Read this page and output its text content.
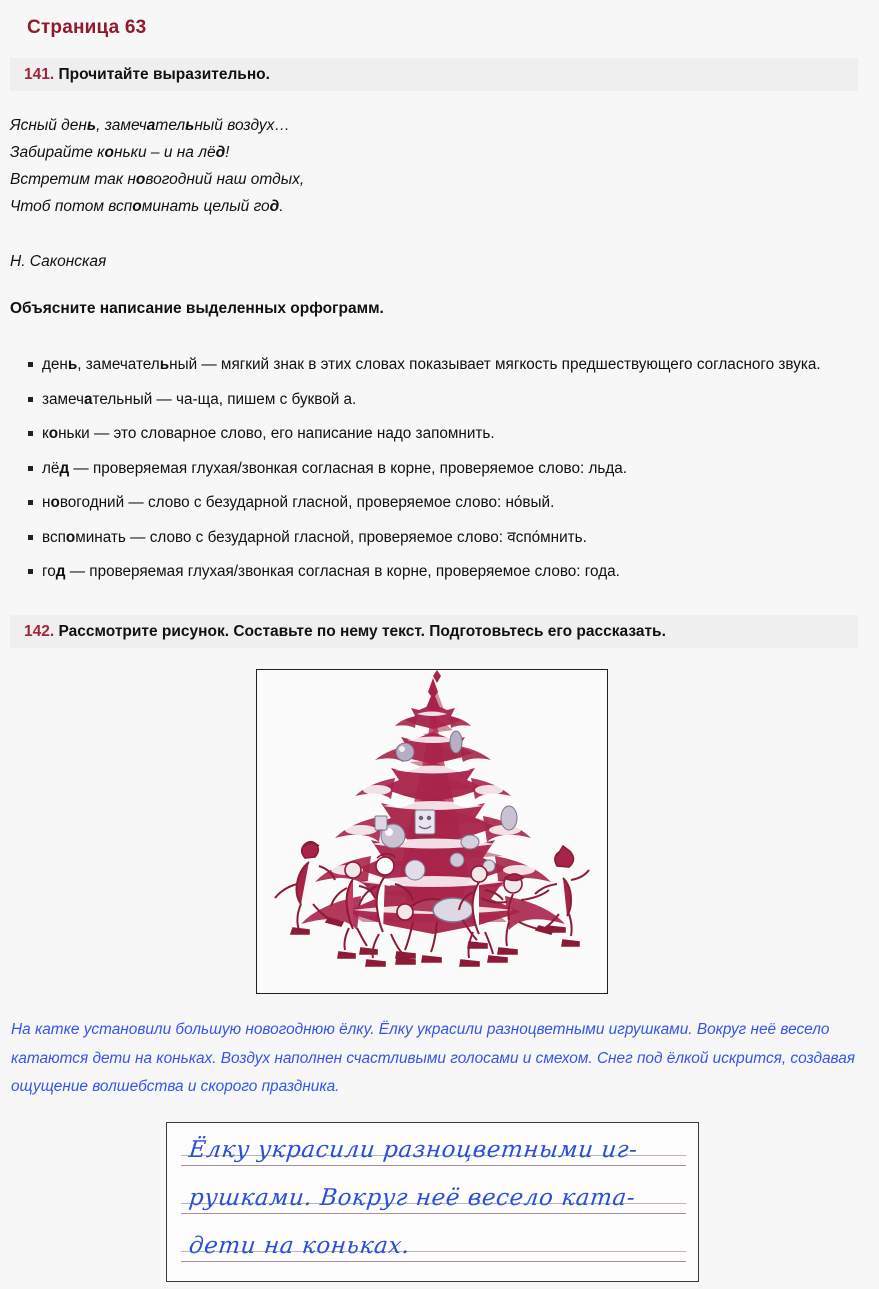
Страница 63
141. Прочитайте выразительно.
Ясный день, замечательный воздух…
Забирайте коньки – и на лёд!
Встретим так новогодний наш отдых,
Чтоб потом вспоминать целый год.
Н. Саконская
Объясните написание выделенных орфограмм.
день, замечательный — мягкий знак в этих словах показывает мягкость предшествующего согласного звука.
замечательный — ча-ща, пишем с буквой а.
коньки — это словарное слово, его написание надо запомнить.
лёд — проверяемая глухая/звонкая согласная в корне, проверяемое слово: льда.
новогодний — слово с безударной гласной, проверяемое слово: но́вый.
вспоминать — слово с безударной гласной, проверяемое слово: वспо́мнить.
год — проверяемая глухая/звонкая согласная в корне, проверяемое слово: года.
142. Рассмотрите рисунок. Составьте по нему текст. Подготовьтесь его рассказать.
На катке установили большую новогоднюю ёлку. Ёлку украсили разноцветными игрушками. Вокруг неё весело катаются дети на коньках. Воздух наполнен счастливыми голосами и смехом. Снег под ёлкой искрится, создавая ощущение волшебства и скорого праздника.
Ёлку украсили разноцветными иг-
рушками. Вокруг неё весело ката-
дети на коньках.
